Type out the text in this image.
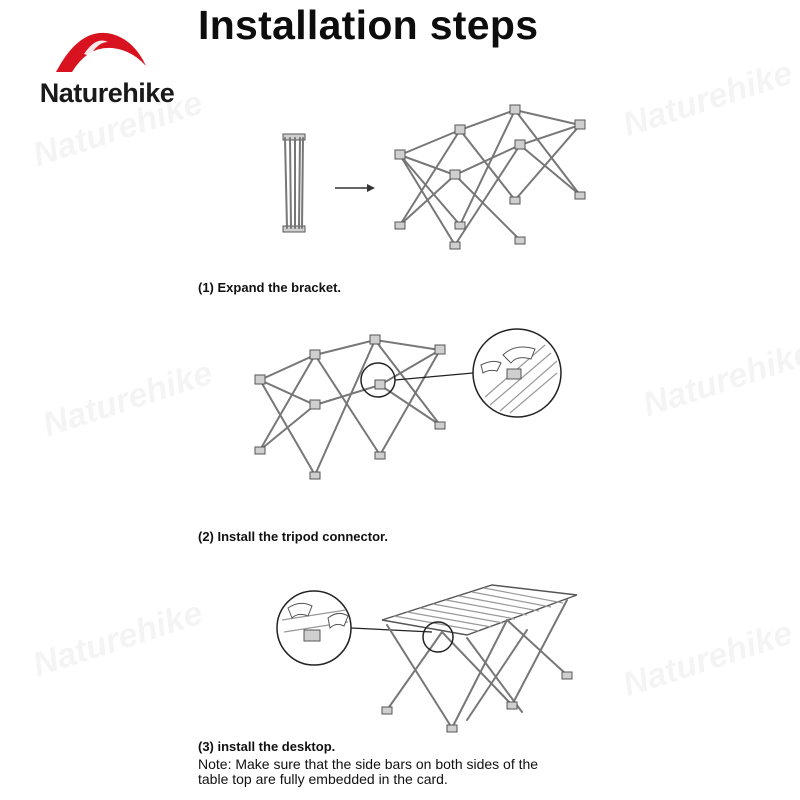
Naturehike
Installation steps
(1) Expand the bracket.
(2) Install the tripod connector.
(3) install the desktop.
Note: Make sure that the side bars on both sides of the
table top are fully embedded in the card.
